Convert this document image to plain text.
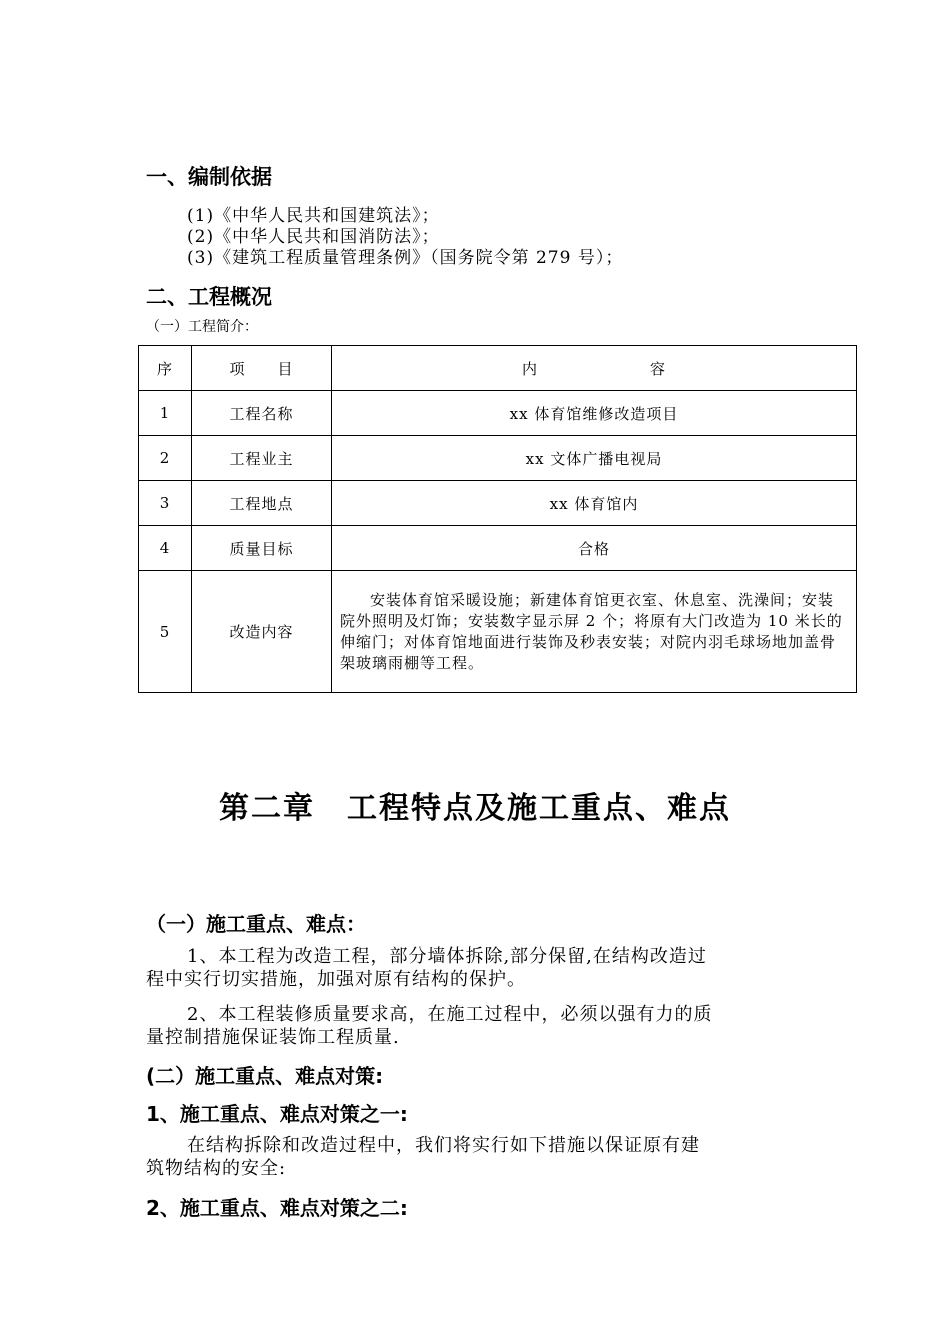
一、编制依据
(1)《中华人民共和国建筑法》；
(2)《中华人民共和国消防法》；
(3)《建筑工程质量管理条例》（国务院令第 279 号）；
二、工程概况
（一）工程简介：
序	项　　目	内　　　　　　　容
1	工程名称	xx 体育馆维修改造项目
2	工程业主	xx 文体广播电视局
3	工程地点	xx 体育馆内
4	质量目标	合格
5	改造内容	安装体育馆采暖设施；新建体育馆更衣室、休息室、洗澡间；安装院外照明及灯饰；安装数字显示屏 2 个；将原有大门改造为 10 米长的伸缩门；对体育馆地面进行装饰及秒表安装；对院内羽毛球场地加盖骨架玻璃雨棚等工程。
第二章　工程特点及施工重点、难点
（一）施工重点、难点：
1、本工程为改造工程，部分墙体拆除,部分保留,在结构改造过
程中实行切实措施，加强对原有结构的保护。
2、本工程装修质量要求高，在施工过程中，必须以强有力的质
量控制措施保证装饰工程质量.
(二）施工重点、难点对策:
1、施工重点、难点对策之一:
在结构拆除和改造过程中，我们将实行如下措施以保证原有建
筑物结构的安全:
2、施工重点、难点对策之二:
